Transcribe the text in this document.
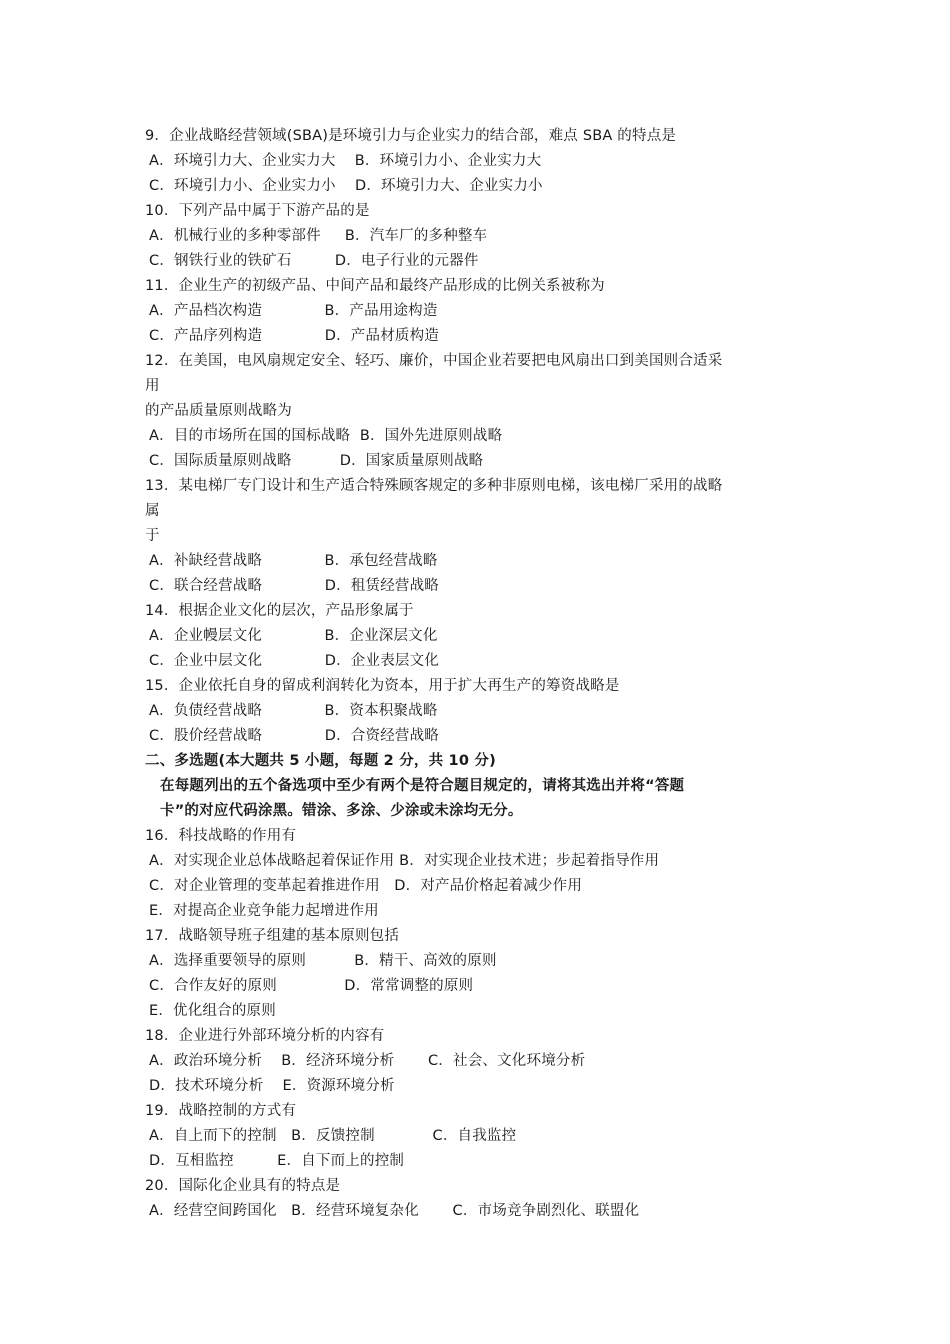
9．企业战略经营领域(SBA)是环境引力与企业实力的结合部，难点 SBA 的特点是
A．环境引力大、企业实力大    B．环境引力小、企业实力大
C．环境引力小、企业实力小    D．环境引力大、企业实力小
10．下列产品中属于下游产品的是
A．机械行业的多种零部件     B．汽车厂的多种整车
C．钢铁行业的铁矿石         D．电子行业的元器件
11．企业生产的初级产品、中间产品和最终产品形成的比例关系被称为
A．产品档次构造             B．产品用途构造
C．产品序列构造             D．产品材质构造
12．在美国，电风扇规定安全、轻巧、廉价，中国企业若要把电风扇出口到美国则合适采
用
的产品质量原则战略为
A．目的市场所在国的国标战略  B．国外先进原则战略
C．国际质量原则战略          D．国家质量原则战略
13．某电梯厂专门设计和生产适合特殊顾客规定的多种非原则电梯，该电梯厂采用的战略
属
于
A．补缺经营战略             B．承包经营战略
C．联合经营战略             D．租赁经营战略
14．根据企业文化的层次，产品形象属于
A．企业幔层文化             B．企业深层文化
C．企业中层文化             D．企业表层文化
15．企业依托自身的留成利润转化为资本，用于扩大再生产的筹资战略是
A．负债经营战略             B．资本积聚战略
C．股价经营战略             D．合资经营战略
二、多选题(本大题共 5 小题，每题 2 分，共 10 分)
在每题列出的五个备选项中至少有两个是符合题目规定的，请将其选出并将“答题
卡”的对应代码涂黑。错涂、多涂、少涂或未涂均无分。
16．科技战略的作用有
A．对实现企业总体战略起着保证作用 B．对实现企业技术进；步起着指导作用
C．对企业管理的变革起着推进作用   D．对产品价格起着减少作用
E．对提高企业竞争能力起增进作用
17．战略领导班子组建的基本原则包括
A．选择重要领导的原则          B．精干、高效的原则
C．合作友好的原则              D．常常调整的原则
E．优化组合的原则
18．企业进行外部环境分析的内容有
A．政治环境分析    B．经济环境分析       C．社会、文化环境分析
D．技术环境分析    E．资源环境分析
19．战略控制的方式有
A．自上而下的控制   B．反馈控制            C．自我监控
D．互相监控         E．自下而上的控制
20．国际化企业具有的特点是
A．经营空间跨国化   B．经营环境复杂化       C．市场竞争剧烈化、联盟化
